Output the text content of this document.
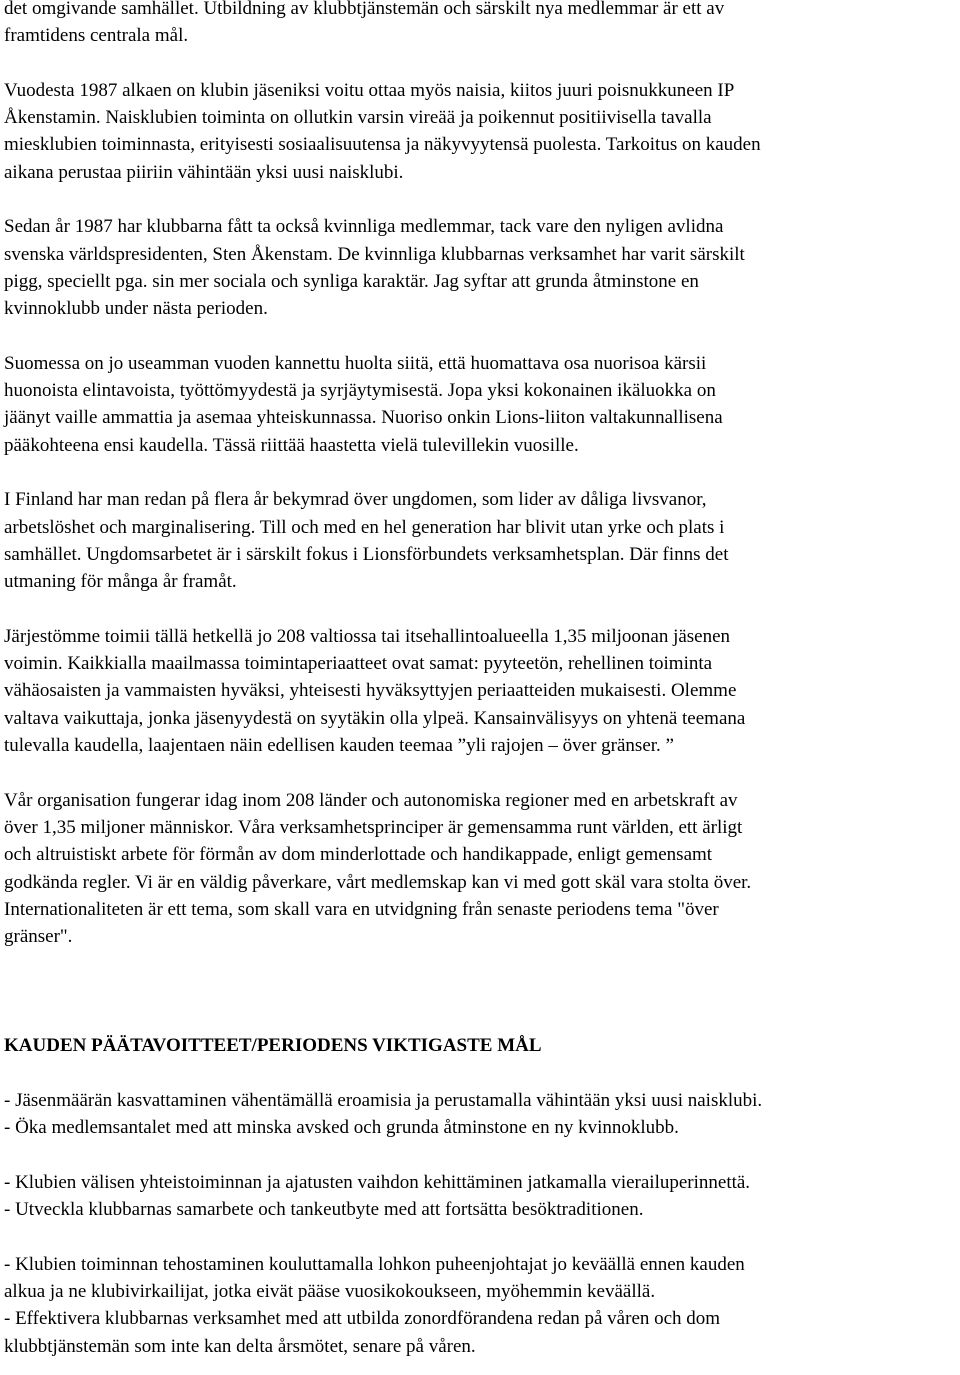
det omgivande samhället. Utbildning av klubbtjänstemän och särskilt nya medlemmar är ett av
framtidens centrala mål.
Vuodesta 1987 alkaen on klubin jäseniksi voitu ottaa myös naisia, kiitos juuri poisnukkuneen IP
Åkenstamin. Naisklubien toiminta on ollutkin varsin vireää ja poikennut positiivisella tavalla
miesklubien toiminnasta, erityisesti sosiaalisuutensa ja näkyvyytensä puolesta. Tarkoitus on kauden
aikana perustaa piiriin vähintään yksi uusi naisklubi.
Sedan år 1987 har klubbarna fått ta också kvinnliga medlemmar, tack vare den nyligen avlidna
svenska världspresidenten, Sten Åkenstam. De kvinnliga klubbarnas verksamhet har varit särskilt
pigg, speciellt pga. sin mer sociala och synliga karaktär. Jag syftar att grunda åtminstone en
kvinnoklubb under nästa perioden.
Suomessa on jo useamman vuoden kannettu huolta siitä, että huomattava osa nuorisoa kärsii
huonoista elintavoista, työttömyydestä ja syrjäytymisestä. Jopa yksi kokonainen ikäluokka on
jäänyt vaille ammattia ja asemaa yhteiskunnassa. Nuoriso onkin Lions-liiton valtakunnallisena
pääkohteena ensi kaudella. Tässä riittää haastetta vielä tulevillekin vuosille.
I Finland har man redan på flera år bekymrad över ungdomen, som lider av dåliga livsvanor,
arbetslöshet och marginalisering. Till och med en hel generation har blivit utan yrke och plats i
samhället. Ungdomsarbetet är i särskilt fokus i Lionsförbundets verksamhetsplan. Där finns det
utmaning för många år framåt.
Järjestömme toimii tällä hetkellä jo 208 valtiossa tai itsehallintoalueella 1,35 miljoonan jäsenen
voimin. Kaikkialla maailmassa toimintaperiaatteet ovat samat: pyyteetön, rehellinen toiminta
vähäosaisten ja vammaisten hyväksi, yhteisesti hyväksyttyjen periaatteiden mukaisesti. Olemme
valtava vaikuttaja, jonka jäsenyydestä on syytäkin olla ylpeä. Kansainvälisyys on yhtenä teemana
tulevalla kaudella, laajentaen näin edellisen kauden teemaa ”yli rajojen – över gränser. ”
Vår organisation fungerar idag inom 208 länder och autonomiska regioner med en arbetskraft av
över 1,35 miljoner människor. Våra verksamhetsprinciper är gemensamma runt världen, ett ärligt
och altruistiskt arbete för förmån av dom minderlottade och handikappade, enligt gemensamt
godkända regler. Vi är en väldig påverkare, vårt medlemskap kan vi med gott skäl vara stolta över.
Internationaliteten är ett tema, som skall vara en utvidgning från senaste periodens tema "över
gränser".
KAUDEN PÄÄTAVOITTEET/PERIODENS VIKTIGASTE MÅL
- Jäsenmäärän kasvattaminen vähentämällä eroamisia ja perustamalla vähintään yksi uusi naisklubi.
- Öka medlemsantalet med att minska avsked och grunda åtminstone en ny kvinnoklubb.
- Klubien välisen yhteistoiminnan ja ajatusten vaihdon kehittäminen jatkamalla vierailuperinnettä.
- Utveckla klubbarnas samarbete och tankeutbyte med att fortsätta besöktraditionen.
- Klubien toiminnan tehostaminen kouluttamalla lohkon puheenjohtajat jo keväällä ennen kauden
alkua ja ne klubivirkailijat, jotka eivät pääse vuosikokoukseen, myöhemmin keväällä.
- Effektivera klubbarnas verksamhet med att utbilda zonordförandena redan på våren och dom
klubbtjänstemän som inte kan delta årsmötet, senare på våren.
